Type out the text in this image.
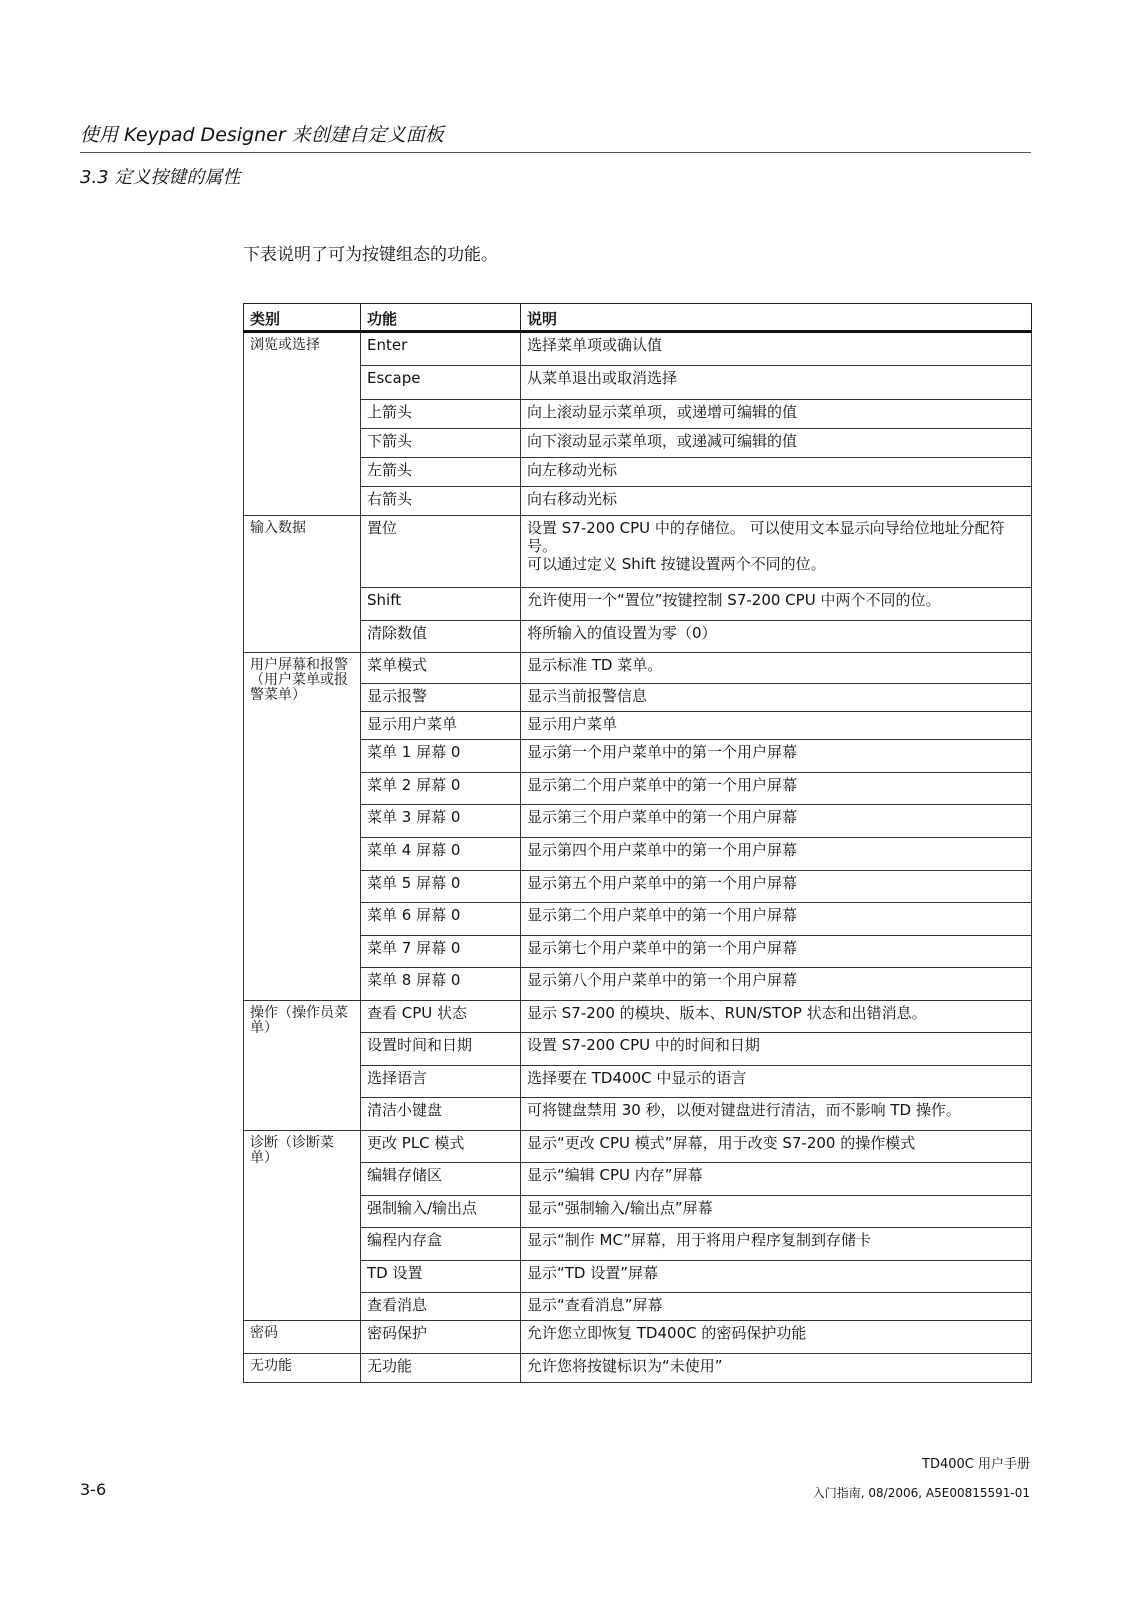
使用 Keypad Designer 来创建自定义面板
3.3 定义按键的属性
下表说明了可为按键组态的功能。
类别	功能	说明
浏览或选择	Enter	选择菜单项或确认值
	Escape	从菜单退出或取消选择
	上箭头	向上滚动显示菜单项，或递增可编辑的值
	下箭头	向下滚动显示菜单项，或递减可编辑的值
	左箭头	向左移动光标
	右箭头	向右移动光标
输入数据	置位	设置 S7-200 CPU 中的存储位。 可以使用文本显示向导给位地址分配符号。
可以通过定义 Shift 按键设置两个不同的位。
	Shift	允许使用一个“置位”按键控制 S7-200 CPU 中两个不同的位。
	清除数值	将所输入的值设置为零（0）
用户屏幕和报警（用户菜单或报警菜单）	菜单模式	显示标准 TD 菜单。
	显示报警	显示当前报警信息
	显示用户菜单	显示用户菜单
	菜单 1 屏幕 0	显示第一个用户菜单中的第一个用户屏幕
	菜单 2 屏幕 0	显示第二个用户菜单中的第一个用户屏幕
	菜单 3 屏幕 0	显示第三个用户菜单中的第一个用户屏幕
	菜单 4 屏幕 0	显示第四个用户菜单中的第一个用户屏幕
	菜单 5 屏幕 0	显示第五个用户菜单中的第一个用户屏幕
	菜单 6 屏幕 0	显示第二个用户菜单中的第一个用户屏幕
	菜单 7 屏幕 0	显示第七个用户菜单中的第一个用户屏幕
	菜单 8 屏幕 0	显示第八个用户菜单中的第一个用户屏幕
操作（操作员菜单）	查看 CPU 状态	显示 S7-200 的模块、版本、RUN/STOP 状态和出错消息。
	设置时间和日期	设置 S7-200 CPU 中的时间和日期
	选择语言	选择要在 TD400C 中显示的语言
	清洁小键盘	可将键盘禁用 30 秒，以便对键盘进行清洁，而不影响 TD 操作。
诊断（诊断菜单）	更改 PLC 模式	显示“更改 CPU 模式”屏幕，用于改变 S7-200 的操作模式
	编辑存储区	显示“编辑 CPU 内存”屏幕
	强制输入/输出点	显示“强制输入/输出点”屏幕
	编程内存盒	显示“制作 MC”屏幕，用于将用户程序复制到存储卡
	TD 设置	显示“TD 设置”屏幕
	查看消息	显示“查看消息”屏幕
密码	密码保护	允许您立即恢复 TD400C 的密码保护功能
无功能	无功能	允许您将按键标识为“未使用”
TD400C 用户手册
3-6	入门指南, 08/2006, A5E00815591-01
